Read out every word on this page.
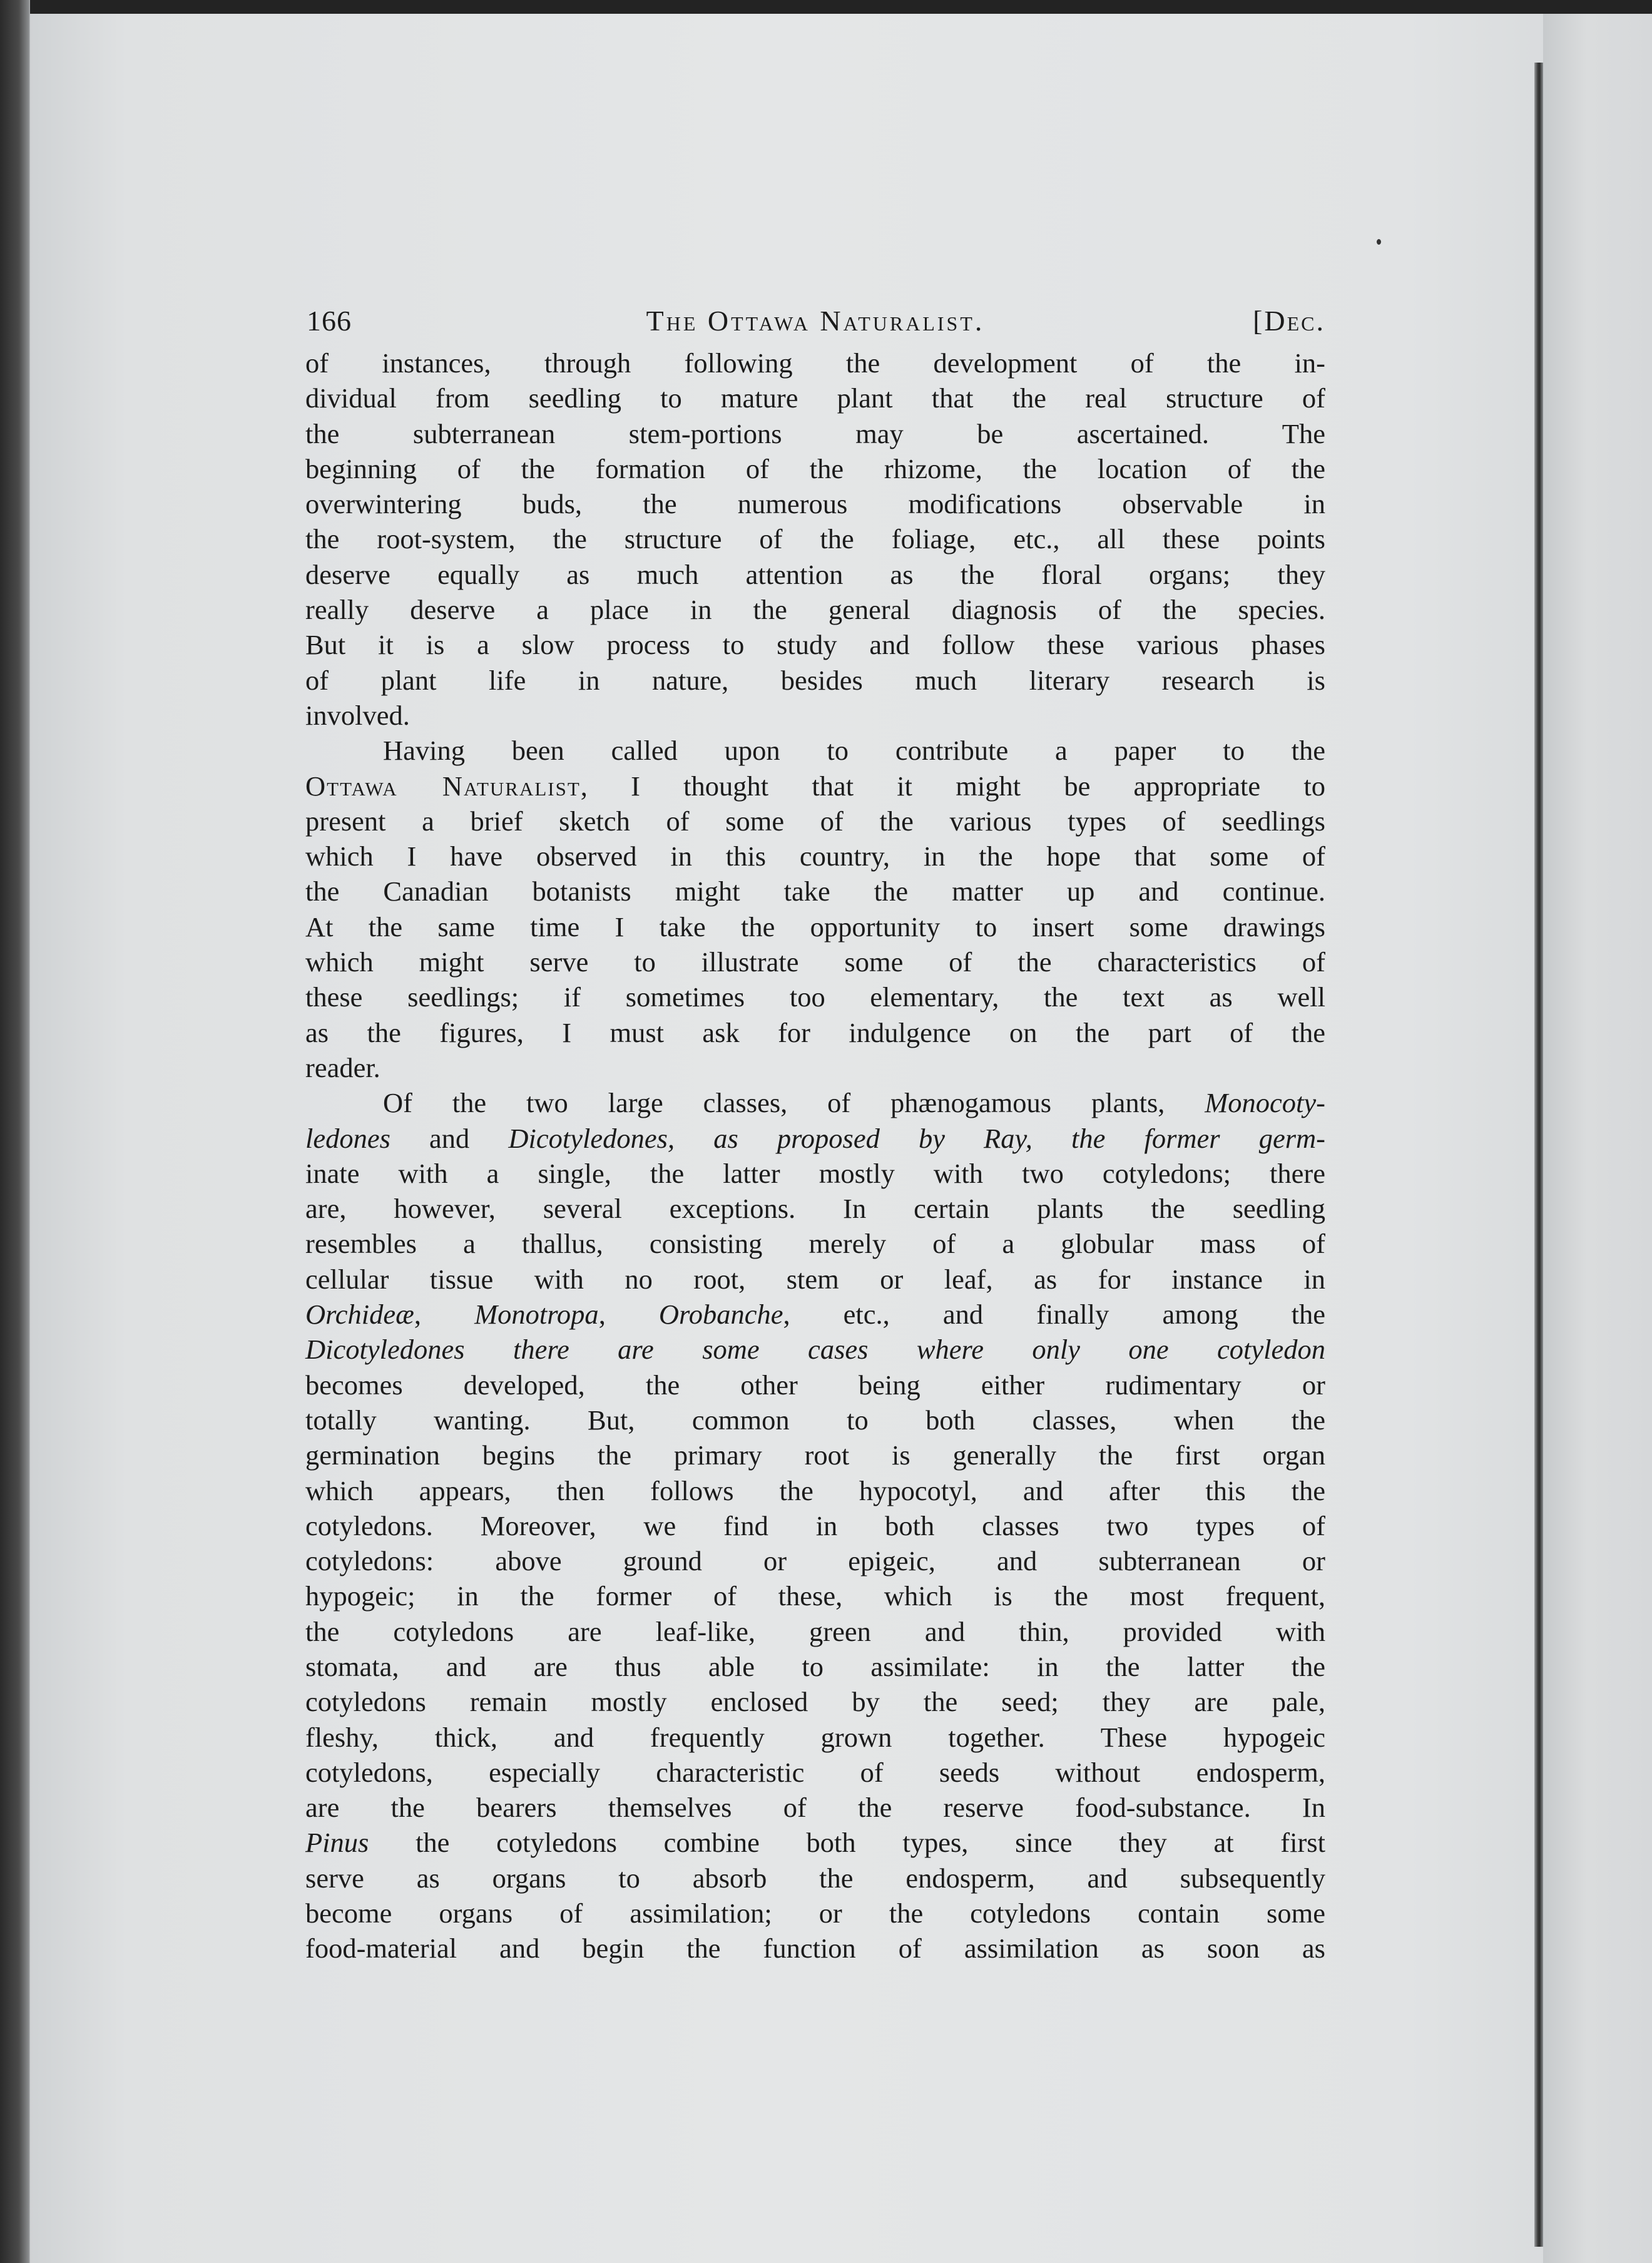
166	The Ottawa Naturalist.	[Dec.

of instances, through following the development of the in-
dividual from seedling to mature plant that the real structure of
the subterranean stem-portions may be ascertained. The
beginning of the formation of the rhizome, the location of the
overwintering buds, the numerous modifications observable in
the root-system, the structure of the foliage, etc., all these points
deserve equally as much attention as the floral organs; they
really deserve a place in the general diagnosis of the species.
But it is a slow process to study and follow these various phases
of plant life in nature, besides much literary research is
involved.

Having been called upon to contribute a paper to the
Ottawa Naturalist, I thought that it might be appropriate to
present a brief sketch of some of the various types of seedlings
which I have observed in this country, in the hope that some of
the Canadian botanists might take the matter up and continue.
At the same time I take the opportunity to insert some drawings
which might serve to illustrate some of the characteristics of
these seedlings; if sometimes too elementary, the text as well
as the figures, I must ask for indulgence on the part of the
reader.

Of the two large classes, of phænogamous plants, Monocoty-
ledones and Dicotyledones, as proposed by Ray, the former germ-
inate with a single, the latter mostly with two cotyledons; there
are, however, several exceptions. In certain plants the seedling
resembles a thallus, consisting merely of a globular mass of
cellular tissue with no root, stem or leaf, as for instance in
Orchideæ, Monotropa, Orobanche, etc., and finally among the
Dicotyledones there are some cases where only one cotyledon
becomes developed, the other being either rudimentary or
totally wanting. But, common to both classes, when the
germination begins the primary root is generally the first organ
which appears, then follows the hypocotyl, and after this the
cotyledons. Moreover, we find in both classes two types of
cotyledons: above ground or epigeic, and subterranean or
hypogeic; in the former of these, which is the most frequent,
the cotyledons are leaf-like, green and thin, provided with
stomata, and are thus able to assimilate: in the latter the
cotyledons remain mostly enclosed by the seed; they are pale,
fleshy, thick, and frequently grown together. These hypogeic
cotyledons, especially characteristic of seeds without endosperm,
are the bearers themselves of the reserve food-substance. In
Pinus the cotyledons combine both types, since they at first
serve as organs to absorb the endosperm, and subsequently
become organs of assimilation; or the cotyledons contain some
food-material and begin the function of assimilation as soon as
